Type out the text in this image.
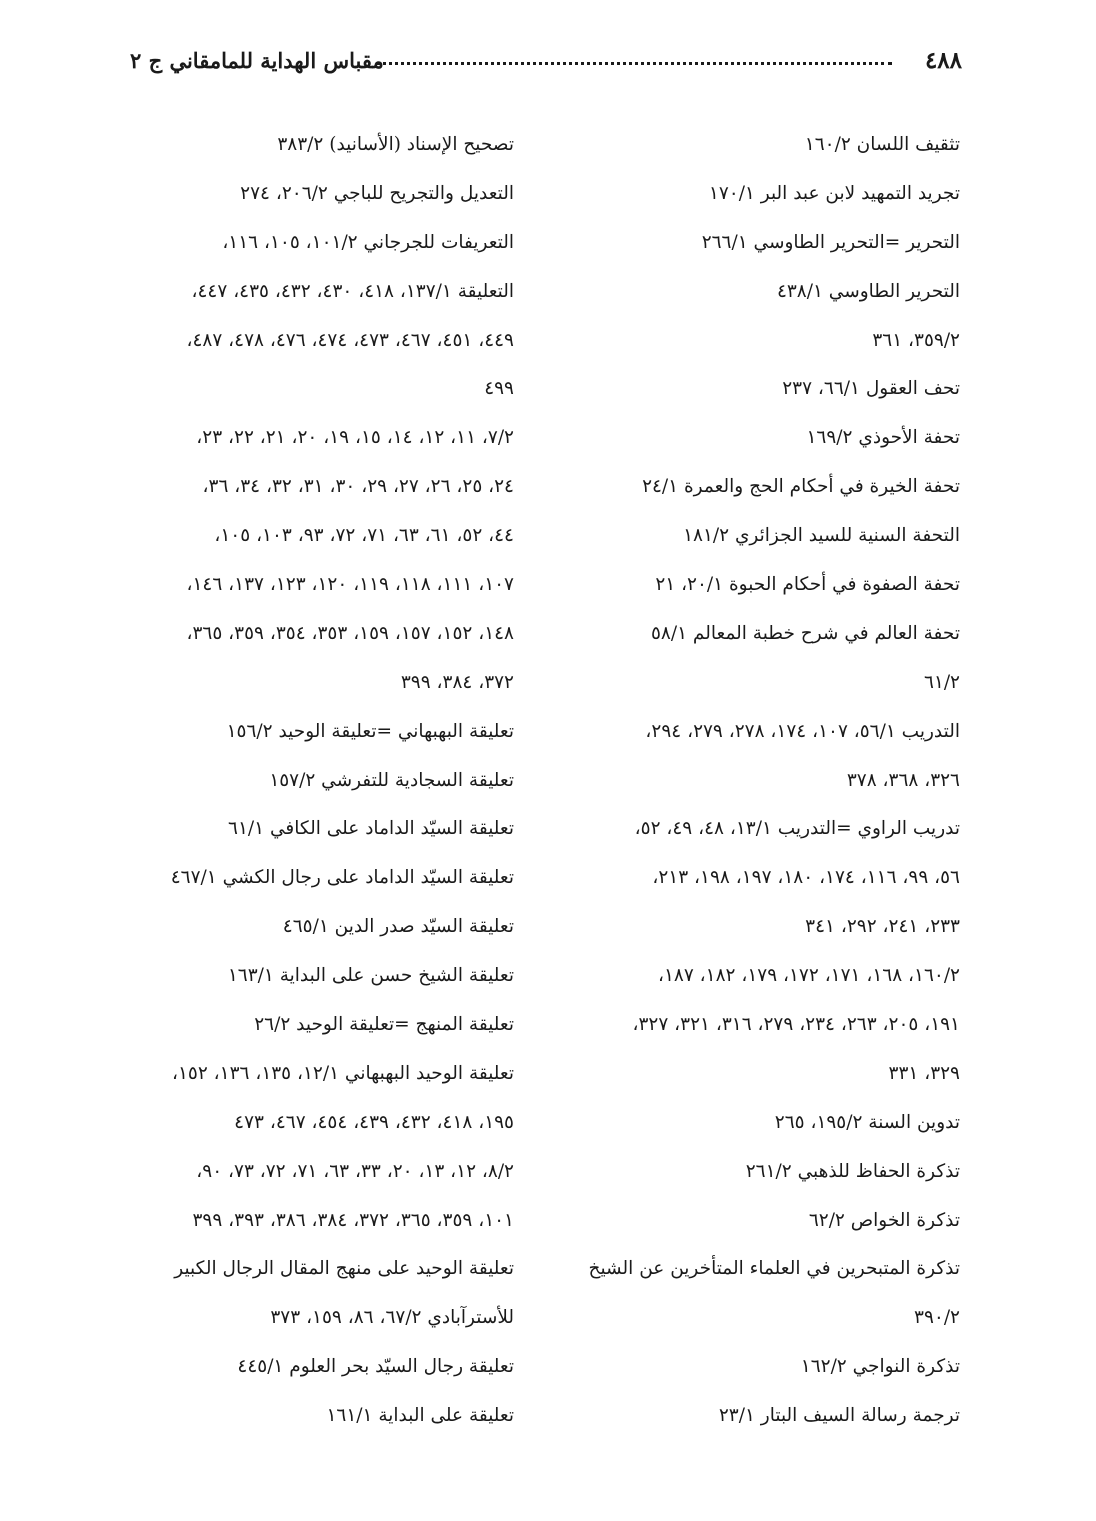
٤٨٨
مقباس الهداية للمامقاني ج ٢
تثقيف اللسان ١٦٠/٢
تجريد التمهيد لابن عبد البر ١٧٠/١
التحرير =التحرير الطاوسي ٢٦٦/١
التحرير الطاوسي ٤٣٨/١
٣٥٩/٢، ٣٦١
تحف العقول ٦٦/١، ٢٣٧
تحفة الأحوذي ١٦٩/٢
تحفة الخيرة في أحكام الحج والعمرة ٢٤/١
التحفة السنية للسيد الجزائري ١٨١/٢
تحفة الصفوة في أحكام الحبوة ٢٠/١، ٢١
تحفة العالم في شرح خطبة المعالم ٥٨/١
٦١/٢
التدريب ٥٦/١، ١٠٧، ١٧٤، ٢٧٨، ٢٧٩، ٢٩٤،
٣٢٦، ٣٦٨، ٣٧٨
تدريب الراوي =التدريب ١٣/١، ٤٨، ٤٩، ٥٢،
٥٦، ٩٩، ١١٦، ١٧٤، ١٨٠، ١٩٧، ١٩٨، ٢١٣،
٢٣٣، ٢٤١، ٢٩٢، ٣٤١
١٦٠/٢، ١٦٨، ١٧١، ١٧٢، ١٧٩، ١٨٢، ١٨٧،
١٩١، ٢٠٥، ٢٦٣، ٢٣٤، ٢٧٩، ٣١٦، ٣٢١، ٣٢٧،
٣٢٩، ٣٣١
تدوين السنة ١٩٥/٢، ٢٦٥
تذكرة الحفاظ للذهبي ٢٦١/٢
تذكرة الخواص ٦٢/٢
تذكرة المتبحرين في العلماء المتأخرين عن الشيخ
٣٩٠/٢
تذكرة النواجي ١٦٢/٢
ترجمة رسالة السيف البتار ٢٣/١
تصحيح الإسناد (الأسانيد) ٣٨٣/٢
التعديل والتجريح للباجي ٢٠٦/٢، ٢٧٤
التعريفات للجرجاني ١٠١/٢، ١٠٥، ١١٦،
التعليقة ١٣٧/١، ٤١٨، ٤٣٠، ٤٣٢، ٤٣٥، ٤٤٧،
٤٤٩، ٤٥١، ٤٦٧، ٤٧٣، ٤٧٤، ٤٧٦، ٤٧٨، ٤٨٧،
٤٩٩
٧/٢، ١١، ١٢، ١٤، ١٥، ١٩، ٢٠، ٢١، ٢٢، ٢٣،
٢٤، ٢٥، ٢٦، ٢٧، ٢٩، ٣٠، ٣١، ٣٢، ٣٤، ٣٦،
٤٤، ٥٢، ٦١، ٦٣، ٧١، ٧٢، ٩٣، ١٠٣، ١٠٥،
١٠٧، ١١١، ١١٨، ١١٩، ١٢٠، ١٢٣، ١٣٧، ١٤٦،
١٤٨، ١٥٢، ١٥٧، ١٥٩، ٣٥٣، ٣٥٤، ٣٥٩، ٣٦٥،
٣٧٢، ٣٨٤، ٣٩٩
تعليقة البهبهاني =تعليقة الوحيد ١٥٦/٢
تعليقة السجادية للتفرشي ١٥٧/٢
تعليقة السيّد الداماد على الكافي ٦١/١
تعليقة السيّد الداماد على رجال الكشي ٤٦٧/١
تعليقة السيّد صدر الدين ٤٦٥/١
تعليقة الشيخ حسن على البداية ١٦٣/١
تعليقة المنهج =تعليقة الوحيد ٢٦/٢
تعليقة الوحيد البهبهاني ١٢/١، ١٣٥، ١٣٦، ١٥٢،
١٩٥، ٤١٨، ٤٣٢، ٤٣٩، ٤٥٤، ٤٦٧، ٤٧٣
٨/٢، ١٢، ١٣، ٢٠، ٣٣، ٦٣، ٧١، ٧٢، ٧٣، ٩٠،
١٠١، ٣٥٩، ٣٦٥، ٣٧٢، ٣٨٤، ٣٨٦، ٣٩٣، ٣٩٩
تعليقة الوحيد على منهج المقال الرجال الكبير
للأسترآبادي ٦٧/٢، ٨٦، ١٥٩، ٣٧٣
تعليقة رجال السيّد بحر العلوم ٤٤٥/١
تعليقة على البداية ١٦١/١
